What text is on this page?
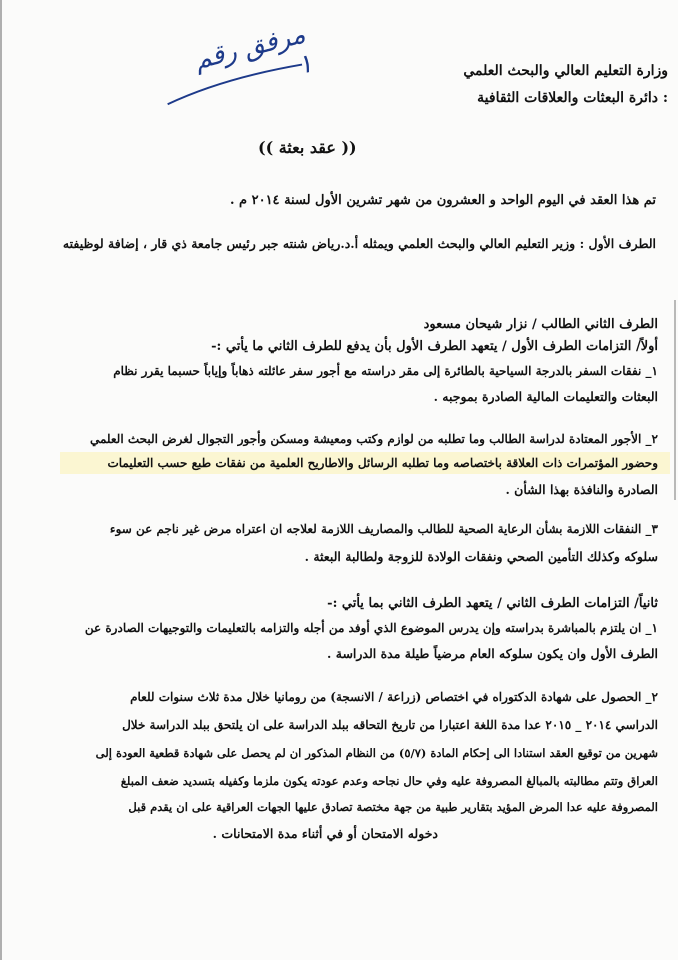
مرفق رقم ١	وزارة التعليم العالي والبحث العلمي
: دائرة البعثات والعلاقات الثقافية
(( عقد بعثة ))
تم هذا العقد في اليوم الواحد و العشرون من شهر تشرين الأول لسنة ٢٠١٤ م .
الطرف الأول : وزير التعليم العالي والبحث العلمي ويمثله أ.د.رياض شنته جبر رئيس جامعة ذي قار ، إضافة لوظيفته
الطرف الثاني الطالب / نزار شيحان مسعود
أولاً/ التزامات الطرف الأول / يتعهد الطرف الأول بأن يدفع للطرف الثاني ما يأتي :-
١_ نفقات السفر بالدرجة السياحية بالطائرة إلى مقر دراسته مع أجور سفر عائلته ذهاباً وإياباً حسبما يقرر نظام
البعثات والتعليمات المالية الصادرة بموجبه .
٢_ الأجور المعتادة لدراسة الطالب وما تطلبه من لوازم وكتب ومعيشة ومسكن وأجور التجوال لغرض البحث العلمي
وحضور المؤتمرات ذات العلاقة باختصاصه وما تطلبه الرسائل والاطاريح العلمية من نفقات طبع حسب التعليمات
الصادرة والنافذة بهذا الشأن .
٣_ النفقات اللازمة بشأن الرعاية الصحية للطالب والمصاريف اللازمة لعلاجه ان اعتراه مرض غير ناجم عن سوء
سلوكه وكذلك التأمين الصحي ونفقات الولادة للزوجة ولطالبة البعثة .
ثانياً/ التزامات الطرف الثاني / يتعهد الطرف الثاني بما يأتي :-
١_ ان يلتزم بالمباشرة بدراسته وإن يدرس الموضوع الذي أوفد من أجله والتزامه بالتعليمات والتوجيهات الصادرة عن
الطرف الأول وان يكون سلوكه العام مرضياً طيلة مدة الدراسة .
٢_ الحصول على شهادة الدكتوراه في اختصاص (زراعة / الانسجة) من رومانيا خلال مدة ثلاث سنوات للعام
الدراسي ٢٠١٤ _ ٢٠١٥ عدا مدة اللغة اعتبارا من تاريخ التحاقه ببلد الدراسة على ان يلتحق ببلد الدراسة خلال
شهرين من توقيع العقد استنادا الى إحكام المادة (٥/٧) من النظام المذكور ان لم يحصل على شهادة قطعية العودة إلى
العراق وتتم مطالبته بالمبالغ المصروفة عليه وفي حال نجاحه وعدم عودته يكون ملزما وكفيله بتسديد ضعف المبلغ
المصروفة عليه عدا المرض المؤيد بتقارير طبية من جهة مختصة تصادق عليها الجهات العراقية على ان يقدم قبل
دخوله الامتحان أو في أثناء مدة الامتحانات .
